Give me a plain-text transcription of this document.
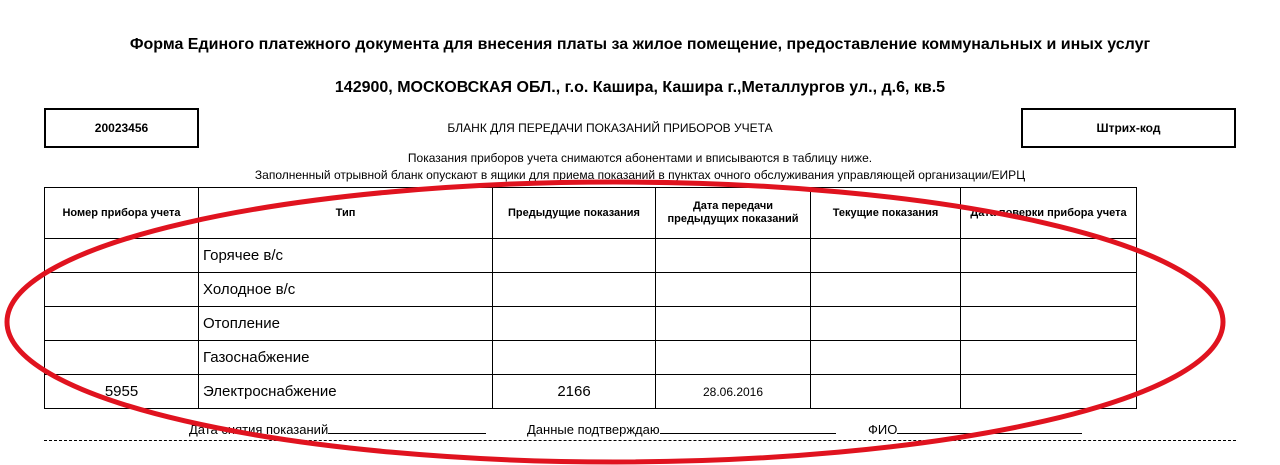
Форма Единого платежного документа для внесения платы за жилое помещение, предоставление коммунальных и иных услуг
142900, МОСКОВСКАЯ ОБЛ., г.о. Кашира, Кашира г.,Металлургов ул., д.6, кв.5
20023456	БЛАНК ДЛЯ ПЕРЕДАЧИ ПОКАЗАНИЙ ПРИБОРОВ УЧЕТА	Штрих-код
Показания приборов учета снимаются абонентами и вписываются в таблицу ниже.
Заполненный отрывной бланк опускают в ящики для приема показаний в пунктах очного обслуживания управляющей организации/ЕИРЦ
Номер прибора учета	Тип	Предыдущие показания	Дата передачи предыдущих показаний	Текущие показания	Дата поверки прибора учета
	Горячее в/с				
	Холодное в/с				
	Отопление				
	Газоснабжение				
5955	Электроснабжение	2166	28.06.2016		
Дата снятия показаний	Данные подтверждаю	ФИО
